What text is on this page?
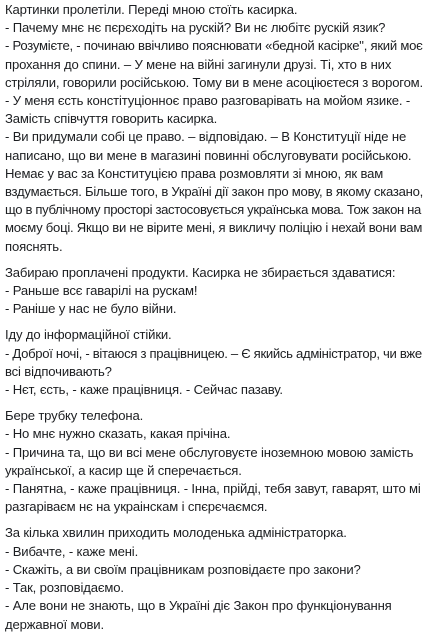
Картинки пролетіли. Переді мною стоїть касирка.
- Пачему мнє нє пєрєходіть на рускій? Ви нє любітє рускій язик?
- Розумієте, - починаю ввічливо пояснювати «бедной касірке", який моє
прохання до спини. – У мене на війні загинули друзі. Ті, хто в них
стріляли, говорили російською. Тому ви в мене асоціюєтеся з ворогом.
- У меня єсть констітуціонноє право разговарівать на мойом язике. -
Замість співчуття говорить касирка.
- Ви придумали собі це право. – відповідаю. – В Конституції ніде не
написано, що ви мене в магазині повинні обслуговувати російською.
Немає у вас за Конституцією права розмовляти зі мною, як вам
вздумається. Більше того, в Україні дії закон про мову, в якому сказано,
що в публічному просторі застосовується українська мова. Тож закон на
моєму боці. Якщо ви не вірите мені, я викличу поліцію і нехай вони вам
пояснять.
Забираю проплачені продукти. Касирка не збирається здаватися:
- Раньше всє гаварілі на рускам!
- Раніше у нас не було війни.
Іду до інформаційної стійки.
- Доброї ночі, - вітаюся з працівницею. – Є якийсь адміністратор, чи вже
всі відпочивають?
- Нєт, єсть, - каже працівниця. - Сейчас пазаву.
Бере трубку телефона.
- Но мнє нужно сказать, какая прічіна.
- Причина та, що ви всі мене обслуговуєте іноземною мовою замість
української, а касир ще й сперечається.
- Панятна, - каже працівниця. - Інна, прійді, тебя завут, гаварят, што мі
разгаріваєм нє на украінскам і спєрєчаємся.
За кілька хвилин приходить молоденька адміністраторка.
- Вибачте, - каже мені.
- Скажіть, а ви своїм працівникам розповідаєте про закони?
- Так, розповідаємо.
- Але вони не знають, що в Україні діє Закон про функціонування
державної мови.
